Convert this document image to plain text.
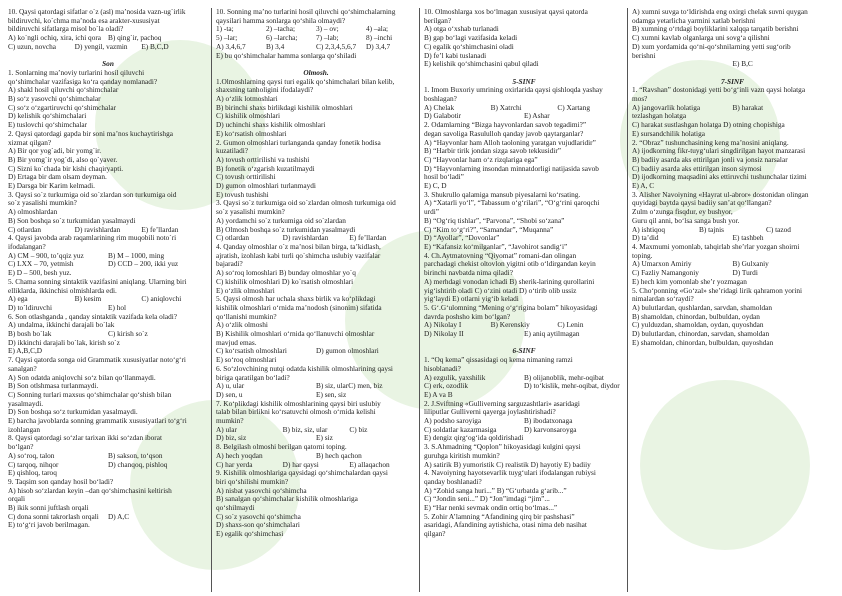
10. Qaysi qatordagi sifatlar o`z (asl) ma’nosida vazn-ug`irlik
bildiruvchi, ko`chma ma’noda esa arakter-xususiyat
bildiruvchi sifatlarga misol bo`la oladi?
A) ko`ngli ochiq, xira, ichi qora B) qing`ir, pachoq
C) uzun, novcha	D) yengil, vazmin	E) B,C,D

Son
1. Sonlarning ma’noviy turlarini hosil qiluvchi
qo‘shimchalar vazifasiga ko‘ra qanday nomlanadi?
A) shakl hosil qiluvchi qo‘shimchalar
B) so‘z yasovchi qo‘shimchalar
C) so‘z o‘zgartiruvchi qo‘shimchalar
D) kelishik qo‘shimchalari
E) tuslovchi qo‘shimchalar
2. Qaysi qatordagi gapda bir soni ma’nos kuchaytirishga
xizmat qilgan?
A) Bir qor yog`adi, bir yomg`ir.
B) Bir yomg`ir yog`di, also qo`yaver.
C) Sizni ko`chada bir kishi chaqiryapti.
D) Ertaga bir dam olsam deyman.
E) Darsga bir Karim kelmadi.
3. Qaysi so`z turkumiga oid so`zlardan son turkumiga oid
so`z yasalishi mumkin?
A) olmoshlardan
B) Son boshqa so`z turkumidan yasalmaydi
C) otlardan	D) ravishlardan	E) fe’llardan
4. Qaysi javobda arab raqamlarining rim muqobili noto`ri
ifodalangan?
A) CM – 900, to’qqiz yuz	B) M – 1000, ming
C) LXX – 70, yetmish	D) CCD – 200, ikki yuz
E) D – 500, besh yuz.
5. Chama sonning sintaktik vazifasini aniqlang. Ularning biri
elliklarda, ikkinchisi olmishlarda edi.
A) ega	B) kesim	C) aniqlovchi
D) to`ldiruvchi	E) hol
6. Son otlashganda , qanday sintaktik vazifada kela oladi?
A) undalma, ikkinchi darajali bo`lak
B) bosh bo`lak	C) kirish so`z
D) ikkinchi darajali bo`lak, kirish so`z
E) A,B,C,D
7. Qaysi qatorda songa oid Grammatik xususiyatlar noto‘g‘ri
sanalgan?
A) Son odatda aniqlovchi so‘z bilan qo‘llanmaydi.
B) Son otlshmasa turlanmaydi.
C) Sonning turlari maxsus qo‘shimchalar qo‘shish bilan
yasalmaydi.
D) Son boshqa so‘z turkumidan yasalmaydi.
E) barcha javoblarda sonning grammatik xususiyatlari to‘g‘ri
izohlangan
8. Qaysi qatordagi so‘zlar tarixan ikki so‘zdan iborat
bo‘lgan?
A) so‘roq, talon	B) sakson, to‘qson
C) tarqoq, nihqor	D) chanqoq, pishloq
E) qishloq, taroq
9. Taqsim son qanday hosil bo‘ladi?
A) hisob so‘zlardan keyin –dan qo‘shimchasini keltirish
orqali
B) ikik sonni juftlash orqali
C) dona sonni takrorlash orqali	D) A,C
E) to‘g‘ri javob berilmagan.
10. Sonning ma’no turlarini hosil qiluvchi qo‘shimchalarning
qaysilari hamma sonlarga qo‘shila olmaydi?
1) -ta;	2) –tacha;	3) – ov;	4) –ala;
5) –lar;	6) –larcha;	7) –lab;	8) –inchi
A) 3,4,6,7	B) 3,4	C) 2,3,4,5,6,7	D) 3,4,7
E) bu qo‘shimchalar hamma sonlarga qo‘shiladi

Olmosh.
1.Olmoshlarning qaysi turi egalik qo‘shimchalari bilan kelib,
shaxsning tanholigini ifodalaydi?
A) o‘zlik lotmoshlari
B) birinchi shaxs birlikdagi kishilik olmoshlari
C) kishilik olmoshlari
D) uchinchi shaxs kishilik olmoshlari
E) ko‘rsatish olmoshlari
2. Gumon olmoshlari turlanganda qanday fonetik hodisa
kuzatiladi?
A) tovush orttirilishi va tushishi
B) fonetik o‘zgarish kuzatilmaydi
C) tovush orttirilishi
D) gumon olmoshlari turlanmaydi
E) tovush tushishi
3. Qaysi so`z turkumiga oid so`zlardan olmosh turkumiga oid
so`z yasalishi mumkin?
A) yordamchi so`z turkumiga oid so`zlardan
B) Olmosh boshqa so`z turkumidan yasalmaydi
C) otlardan	D) ravishlardan	E) fe’llardan
4. Qanday olmoshlar o`z ma’nosi bilan birga, ta’kidlash,
ajratish, izohlash kabi turli qo`shimcha uslubiy vazifalar
bajaradi?
A) so‘roq lomoshlari B) bunday olmoshlar yo`q
C) kishilik olmoshlari D) ko`rsatish olmoshlari
E) o‘zlik olmoshlari
5. Qaysi olmosh har uchala shaxs birlik va ko‘plikdagi
kishilik olmoshlari o‘rnida ma’nodosh (sinonim) sifatida
qo‘llanishi mumkin?
A) o‘zlik olmoshi
B) Kishilik olmoshlari o‘rnida qo‘llanuvchi olmoshlar
mavjud emas.
C) ko‘rsatish olmoshlari	D) gumon olmoshlari
E) so‘roq olmoshlari
6. So‘zlovchining nutqi odatda kishilik olmoshlarining qaysi
biriga qaratilgan bo‘ladi?
A) u, ular	B) siz, ularC) men, biz
D) sen, u	E) sen, siz
7. Ko‘plikdagi kishilik olmoshlarining qaysi biri uslubiy
talab bilan birlikni ko‘rsatuvchi olmosh o‘rnida kelishi
mumkin?
A) ular	B) biz, siz, ular	C) biz
D) biz, siz	E) siz
8. Belgilash olmoshi berilgan qatorni toping.
A) hech yoqdan	B) hech qachon
C) har yerda	D) har qaysi	E) allaqachon
9. Kishilik olmoshlariga qaysidagi qo‘shimchalardan qaysi
biri qo‘shilishi mumkin?
A) nisbat yasovchi qo‘shimcha
B) sanalgan qo‘shimchalar kishilik olmoshlariga
qo‘shilmaydi
C) so`z yasovchi qo‘shimcha
D) shaxs-son qo‘shimchalari
E) egalik qo‘shimchasi
10. Olmoshlarga xos bo‘lmagan xususiyat qaysi qatorda
berilgan?
A) otga o‘xshab turlanadi
B) gap bo‘lagi vazifasida keladi
C) egalik qo‘shimchasini oladi
D) fe’l kabi tuslanadi
E) kelishik qo‘shimchasini qabul qiladi

5-SINF
1. Imom Buxoriy umrining oxirlarida qaysi qishloqda yashay
boshlagan?
A) Chelak	B) Xatrchi	C) Xartang
D) Galabotir	E) Ashar
2. Odamlarning “Bizga hayvonlardan savob tegadimi?”
degan savoliga Rasululloh qanday javob qaytarganlar?
A) “Hayvonlar ham Alloh taoloning yaratgan vujudlaridir”
B) “Harbir tirik jondan sizga savob tekkusidir”
C) “Hayvonlar ham o‘z rizqlariga ega”
D) “Hayvonlarning insondan minnatdorligi natijasida savob
hosil bo‘ladi”
E) C, D
3. Shukrullo qalamiga mansub piyesalarni ko‘rsating.
A) “Xatarli yo‘l”, “Tabassum o‘g‘rilari”, “O‘g‘rini qaroqchi
urdi”
B) “Og‘riq tishlar”, “Parvona”, “Shobi so‘zana”
C) “Kim to‘g‘ri?”, “Samandar”, “Muqanna”
D) “Ayollar”, “Dovonlar”
E) “Kafansiz ko‘milganlar”, “Javohirot sandig‘i”
4. Ch.Aytmatovning “Qiyomat” romani-dan olingan
parchadagi chekist oltovlon yigitni otib o‘ldirgandan keyin
birinchi navbatda nima qiladi?
A) merhdagi vonodan ichadi B) sherik-larining qurollarini
yig‘ishtirib oladi C) o‘zini otadi D) o‘tirib olib ussiz
yig‘laydi E) otlarni yig‘ib keladi
5. G‘.G‘ulomning “Mening o‘g‘rigina bolam” hikoyasidagi
davrda poshsho kim bo‘lgan?
A) Nikolay I	B) Kerenskiy	C) Lenin
D) Nikolay II	E) aniq aytilmagan

6-SINF
1. “Oq kema” qissasidagi oq kema nimaning ramzi
hisoblanadi?
A) ezgulik, yaxshilik	B) olijanoblik, mehr-oqibat
C) erk, ozodlik	D) to‘kislik, mehr-oqibat, diydor
E) A va B
2. J.Sviftning «Gulliverning sarguzashtlari» asaridagi
liliputlar Gulliverni qayerga joylashtirishadi?
A) podsho saroyiga	B) ibodatxonaga
C) soldatlar kazarmasiga	D) karvonsaroyga
E) dengiz qirg‘og‘ida qoldirishadi
3. S.Ahmadning “Qoplon” hikoyasidagi kulgini qaysi
guruhga kiritish mumkin?
A) satirik B) yumoristik C) realistik D) hayotiy E) badiiy
4. Navoiyning hayotsevarlik tuyg‘ulari ifodalangan rubiysi
qanday boshlanadi?
A) “Zohid sanga huri...” B) “G‘urbatda g‘arib...”
C) “Jondin seni...” D) “Jon”imdagi “jim”...
E) “Har nenki sevmak ondin ortiq bo‘lmas...”
5. Zohir A’lamning “Afandining qirq bir pashshasi”
asaridagi, Afandining aytishicha, otasi nima deb nasihat
qilgan?
A) xumni suvga to‘ldirishda eng oxirgi chelak suvni quygan
odamga yetarlicha yarmini xatlab berishni
B) xumning o‘rtdagi boyliklarini xalqqa tarqatib berishni
C) xumni kavlab olganlarga uni sovg‘a qilishni
D) xum yordamida qo‘ni-qo‘shnilarning yetti sug‘orib
berishni
E) B,C

7-SINF
1. “Ravshan” dostonidagi yetti bo‘g‘inli vazn qaysi holatga
mos?
A) jangovarlik holatiga	B) harakat
tezlashgan holatga
C) harakat sustlashgan holatga D) otning chopishiga
E) sursandchilik holatiga
2. “Obraz” tushunchasining keng ma’nosini aniqlang.
A) ijodkorning fikr-tuyg‘ulari singdirilgan hayot manzarasi
B) badiiy asarda aks ettirilgan jonli va jonsiz narsalar
C) badiiy asarda aks ettirilgan inson siymosi
D) ijodkorning maqsadini aks ettiruvchi tushunchalar tizimi
E) A, C
3. Alisher Navoiyning «Hayrat ul-abror» dostonidan olingan
quyidagi baytda qaysi badiiy san’at qo‘llangan?
Zulm o‘zunga fisqdur, ey bushyor,
Guru qil anni, bo‘lsa sanga bush yor.
A) ishtiqoq	B) tajnis	C) tazod
D) ta’did	E) tashbeh
4. Maxmumi yomonlab, tahqirlab she’rlar yozgan shoirni
toping.
A) Umarxon Amiriy	B) Gulxaniy
C) Fazliy Namangoniy	D) Turdi
E) hech kim yomonlab she’r yozmagan
5. Cho‘ponning «Go‘zal» she’ridagi lirik qahramon yorini
nimalardan so‘raydi?
A) bulutlardan, qushlardan, sarvdan, shamoldan
B) shamoldan, chinordan, bulbuldan, oydan
C) yulduzdan, shamoldan, oydan, quyoshdan
D) bulutlardan, chinordan, sarvdan, shamoldan
E) shamoldan, chinordan, bulbuldan, quyoshdan
